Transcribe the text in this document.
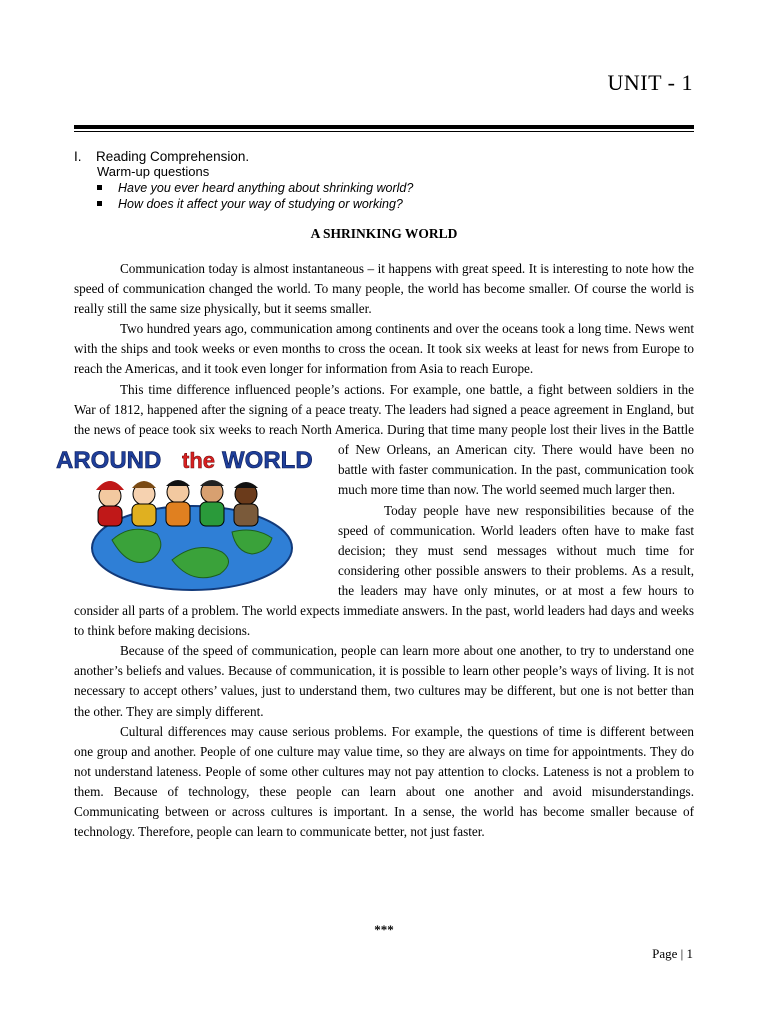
UNIT - 1
I. Reading Comprehension.
Warm-up questions
Have you ever heard anything about shrinking world?
How does it affect your way of studying or working?
A SHRINKING WORLD

Communication today is almost instantaneous – it happens with great speed. It is interesting to note how the speed of communication changed the world. To many people, the world has become smaller. Of course the world is really still the same size physically, but it seems smaller.

Two hundred years ago, communication among continents and over the oceans took a long time. News went with the ships and took weeks or even months to cross the ocean. It took six weeks at least for news from Europe to reach the Americas, and it took even longer for information from Asia to reach Europe.

This time difference influenced people’s actions. For example, one battle, a fight between soldiers in the War of 1812, happened after the signing of a peace treaty. The leaders had signed a peace agreement in England, but the news of peace took six weeks to reach North America. During that time many people lost their lives in the Battle of New Orleans, an American city. There would
AROUND the WORLD	have been no battle with faster communication. In the past, communication took much more time than now. The world seemed much larger then.

Today people have new responsibilities because of the speed of communication. World leaders often have to make fast decision; they must send messages without much time for considering other possible answers to their problems. As a result, the leaders may have only minutes, or at most a few hours to consider all parts of a problem. The world expects immediate answers. In the past, world leaders had days and weeks to think before making decisions.

Because of the speed of communication, people can learn more about one another, to try to understand one another’s beliefs and values. Because of communication, it is possible to learn other people’s ways of living. It is not necessary to accept others’ values, just to understand them, two cultures may be different, but one is not better than the other. They are simply different.

Cultural differences may cause serious problems. For example, the questions of time is different between one group and another. People of one culture may value time, so they are always on time for appointments. They do not understand lateness. People of some other cultures may not pay attention to clocks. Lateness is not a problem to them. Because of technology, these people can learn about one another and avoid misunderstandings. Communicating between or across cultures is important. In a sense, the world has become smaller because of technology. Therefore, people can learn to communicate better, not just faster.

***
Page | 1
